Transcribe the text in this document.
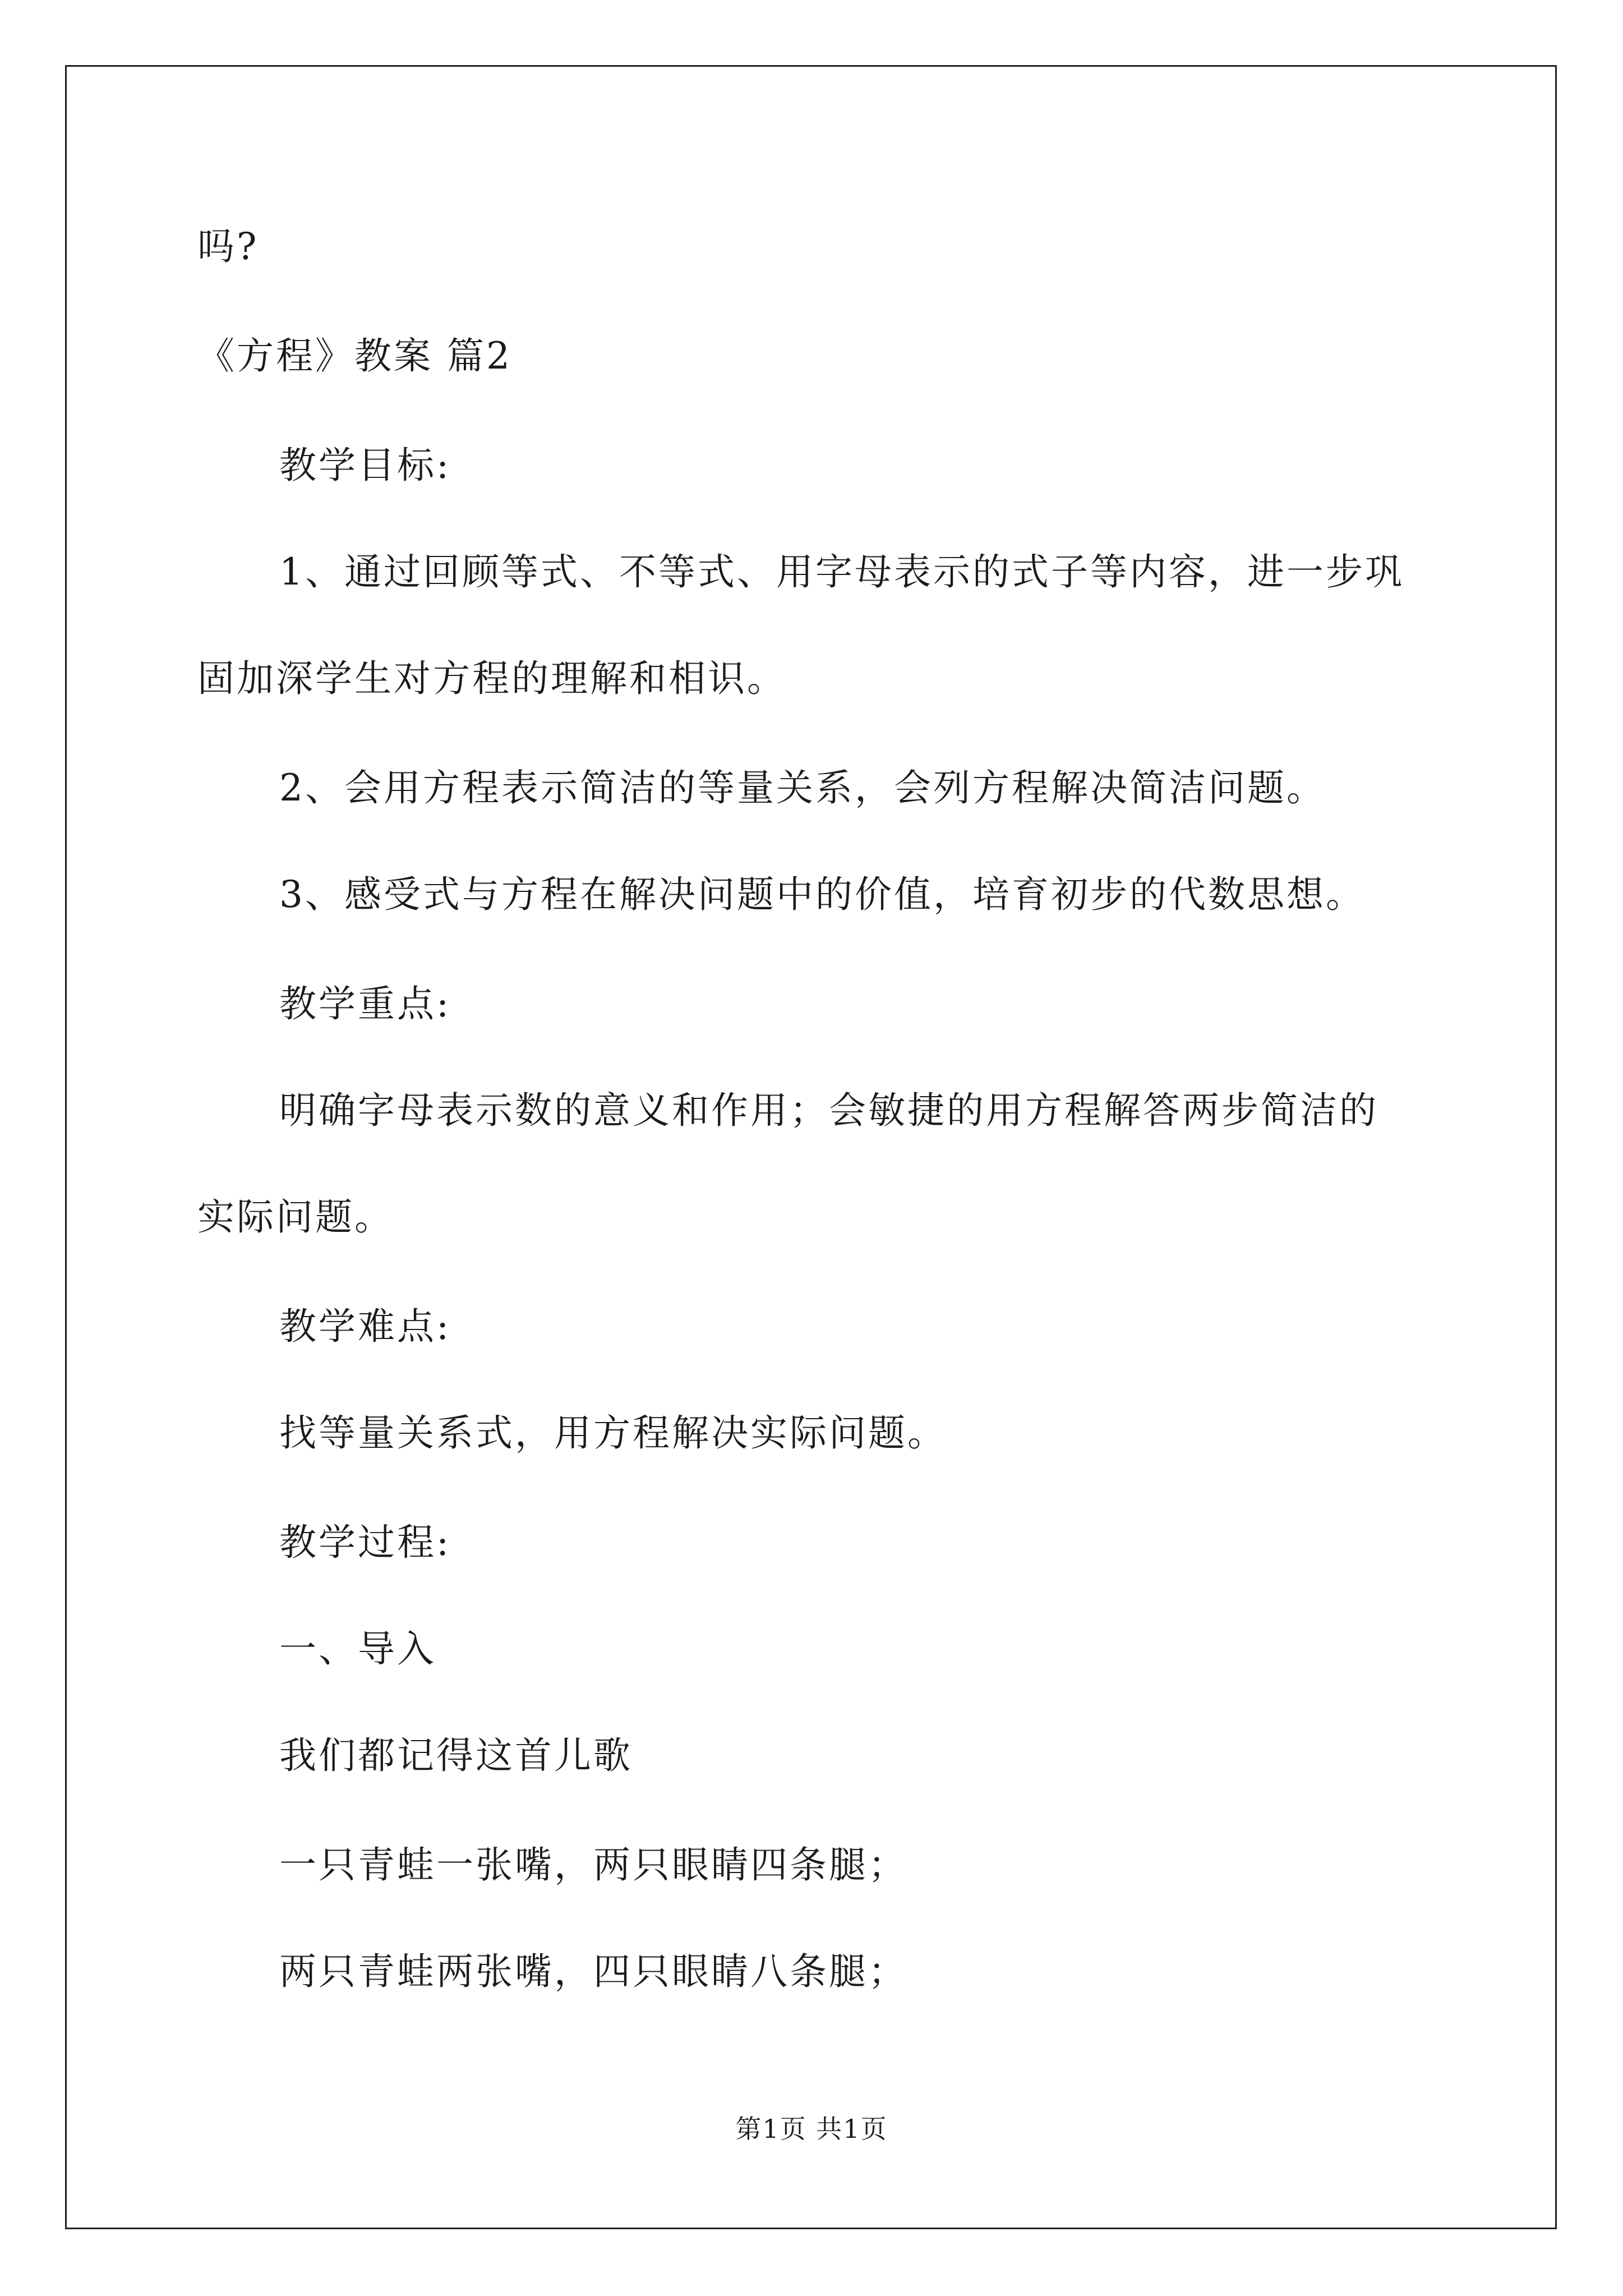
吗?
《方程》教案 篇2
教学目标:
1、通过回顾等式、不等式、用字母表示的式子等内容，进一步巩
固加深学生对方程的理解和相识。
2、会用方程表示简洁的等量关系，会列方程解决简洁问题。
3、感受式与方程在解决问题中的价值，培育初步的代数思想。
教学重点:
明确字母表示数的意义和作用；会敏捷的用方程解答两步简洁的
实际问题。
教学难点:
找等量关系式，用方程解决实际问题。
教学过程:
一、导入
我们都记得这首儿歌
一只青蛙一张嘴，两只眼睛四条腿；
两只青蛙两张嘴，四只眼睛八条腿；
第1页 共1页
